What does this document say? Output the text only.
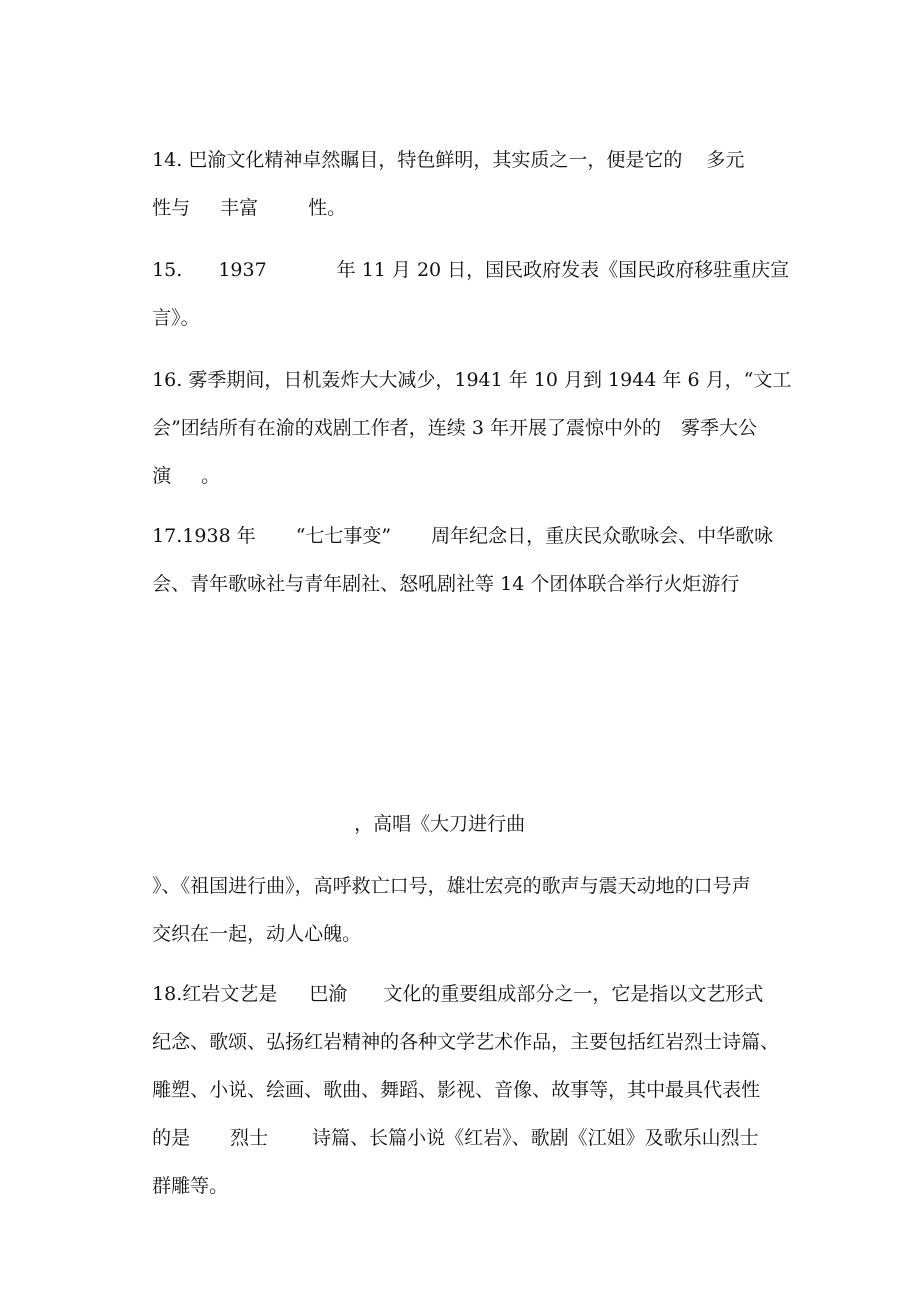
14. 巴渝文化精神卓然瞩目，特色鲜明，其实质之一，便是它的 多元

性与 丰富	性。

15. 1937	年 11 月 20 日，国民政府发表《国民政府移驻重庆宣

言》。

16. 雾季期间，日机轰炸大大减少，1941 年 10 月到 1944 年 6 月，“文工

会”团结所有在渝的戏剧工作者，连续 3 年开展了震惊中外的 雾季大公

演 。

17.1938 年 “七七事变” 周年纪念日，重庆民众歌咏会、中华歌咏

会、青年歌咏社与青年剧社、怒吼剧社等 14 个团体联合举行火炬游行

，高唱《大刀进行曲

》、《祖国进行曲》，高呼救亡口号，雄壮宏亮的歌声与震天动地的口号声

交织在一起，动人心魄。

18.红岩文艺是 巴渝 文化的重要组成部分之一，它是指以文艺形式

纪念、歌颂、弘扬红岩精神的各种文学艺术作品，主要包括红岩烈士诗篇、

雕塑、小说、绘画、歌曲、舞蹈、影视、音像、故事等，其中最具代表性

的是 烈士 诗篇、长篇小说《红岩》、歌剧《江姐》及歌乐山烈士

群雕等。
